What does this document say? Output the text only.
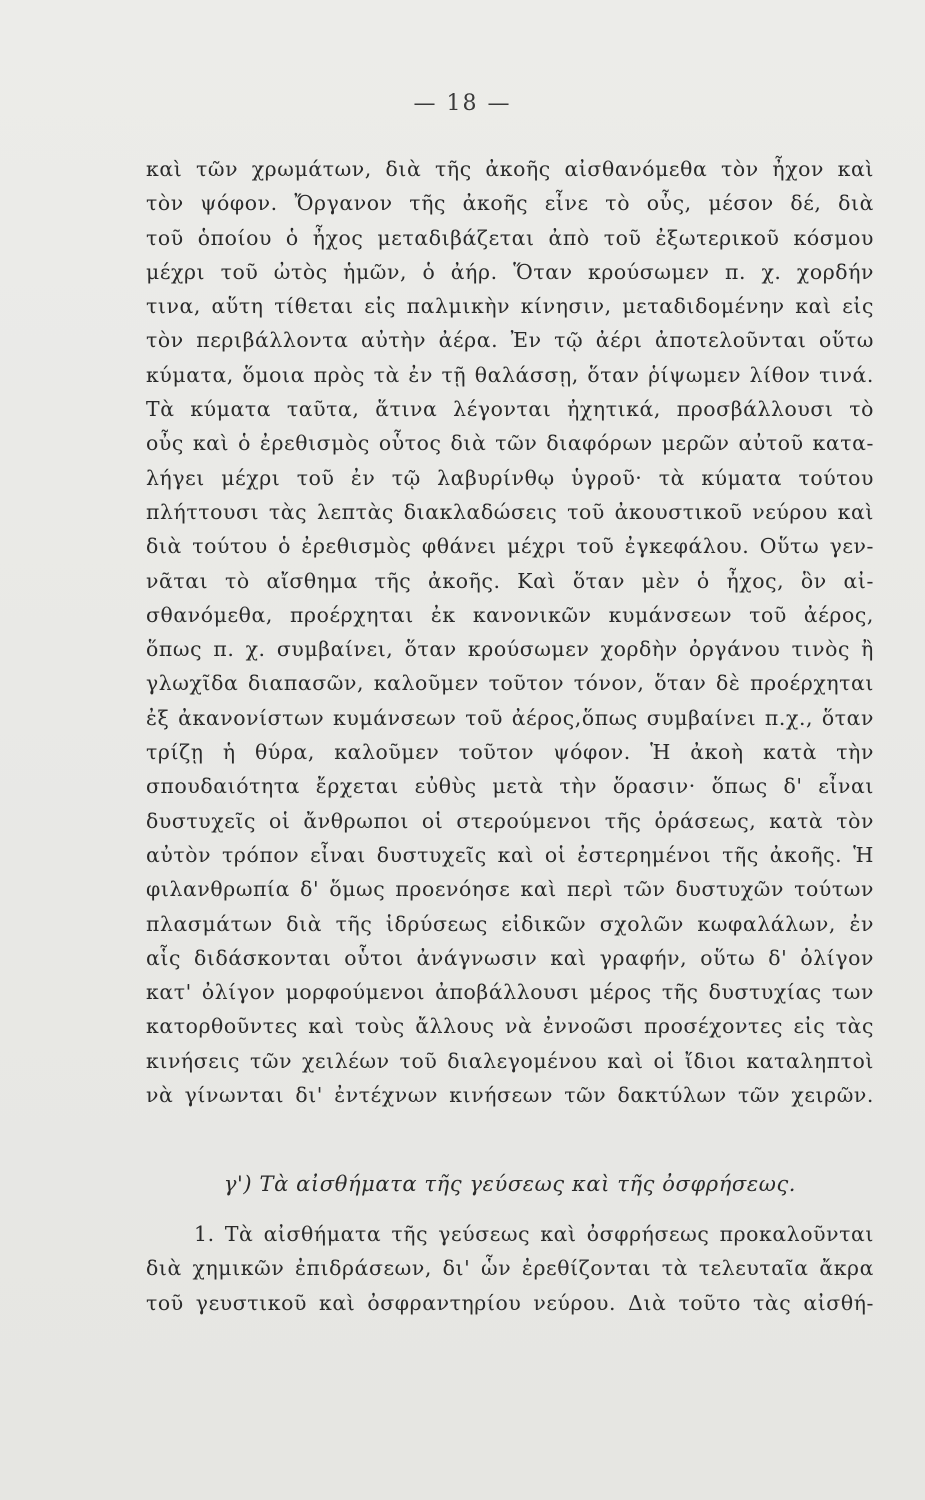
— 18 —
καὶ τῶν χρωμάτων, διὰ τῆς ἀκοῆς αἰσθανόμεθα τὸν ἦχον καὶ
τὸν ψόφον. Ὄργανον τῆς ἀκοῆς εἶνε τὸ οὖς, μέσον δέ, διὰ
τοῦ ὁποίου ὁ ἦχος μεταδιβάζεται ἀπὸ τοῦ ἐξωτερικοῦ κόσμου
μέχρι τοῦ ὠτὸς ἡμῶν, ὁ ἀήρ. Ὅταν κρούσωμεν π. χ. χορδήν
τινα, αὕτη τίθεται εἰς παλμικὴν κίνησιν, μεταδιδομένην καὶ εἰς
τὸν περιβάλλοντα αὐτὴν ἀέρα. Ἐν τῷ ἀέρι ἀποτελοῦνται οὕτω
κύματα, ὅμοια πρὸς τὰ ἐν τῇ θαλάσσῃ, ὅταν ῥίψωμεν λίθον τινά.
Τὰ κύματα ταῦτα, ἅτινα λέγονται ἠχητικά, προσβάλλουσι τὸ
οὖς καὶ ὁ ἐρεθισμὸς οὗτος διὰ τῶν διαφόρων μερῶν αὐτοῦ κατα-
λήγει μέχρι τοῦ ἐν τῷ λαβυρίνθῳ ὑγροῦ· τὰ κύματα τούτου
πλήττουσι τὰς λεπτὰς διακλαδώσεις τοῦ ἀκουστικοῦ νεύρου καὶ
διὰ τούτου ὁ ἐρεθισμὸς φθάνει μέχρι τοῦ ἐγκεφάλου. Οὕτω γεν-
νᾶται τὸ αἴσθημα τῆς ἀκοῆς. Καὶ ὅταν μὲν ὁ ἦχος, ὃν αἰ-
σθανόμεθα, προέρχηται ἐκ κανονικῶν κυμάνσεων τοῦ ἀέρος,
ὅπως π. χ. συμβαίνει, ὅταν κρούσωμεν χορδὴν ὀργάνου τινὸς ἢ
γλωχῖδα διαπασῶν, καλοῦμεν τοῦτον τόνον, ὅταν δὲ προέρχηται
ἐξ ἀκανονίστων κυμάνσεων τοῦ ἀέρος,ὅπως συμβαίνει π.χ., ὅταν
τρίζῃ ἡ θύρα, καλοῦμεν τοῦτον ψόφον. Ἡ ἀκοὴ κατὰ τὴν
σπουδαιότητα ἔρχεται εὐθὺς μετὰ τὴν ὅρασιν· ὅπως δ' εἶναι
δυστυχεῖς οἱ ἄνθρωποι οἱ στερούμενοι τῆς ὁράσεως, κατὰ τὸν
αὐτὸν τρόπον εἶναι δυστυχεῖς καὶ οἱ ἐστερημένοι τῆς ἀκοῆς. Ἡ
φιλανθρωπία δ' ὅμως προενόησε καὶ περὶ τῶν δυστυχῶν τούτων
πλασμάτων διὰ τῆς ἱδρύσεως εἰδικῶν σχολῶν κωφαλάλων, ἐν
αἷς διδάσκονται οὗτοι ἀνάγνωσιν καὶ γραφήν, οὕτω δ' ὀλίγον
κατ' ὀλίγον μορφούμενοι ἀποβάλλουσι μέρος τῆς δυστυχίας των
κατορθοῦντες καὶ τοὺς ἄλλους νὰ ἐννοῶσι προσέχοντες εἰς τὰς
κινήσεις τῶν χειλέων τοῦ διαλεγομένου καὶ οἱ ἴδιοι καταληπτοὶ
νὰ γίνωνται δι' ἐντέχνων κινήσεων τῶν δακτύλων τῶν χειρῶν.
γ') Τὰ αἰσθήματα τῆς γεύσεως καὶ τῆς ὀσφρήσεως.
1. Τὰ αἰσθήματα τῆς γεύσεως καὶ ὀσφρήσεως προκαλοῦνται
διὰ χημικῶν ἐπιδράσεων, δι' ὧν ἐρεθίζονται τὰ τελευταῖα ἄκρα
τοῦ γευστικοῦ καὶ ὀσφραντηρίου νεύρου. Διὰ τοῦτο τὰς αἰσθή-
